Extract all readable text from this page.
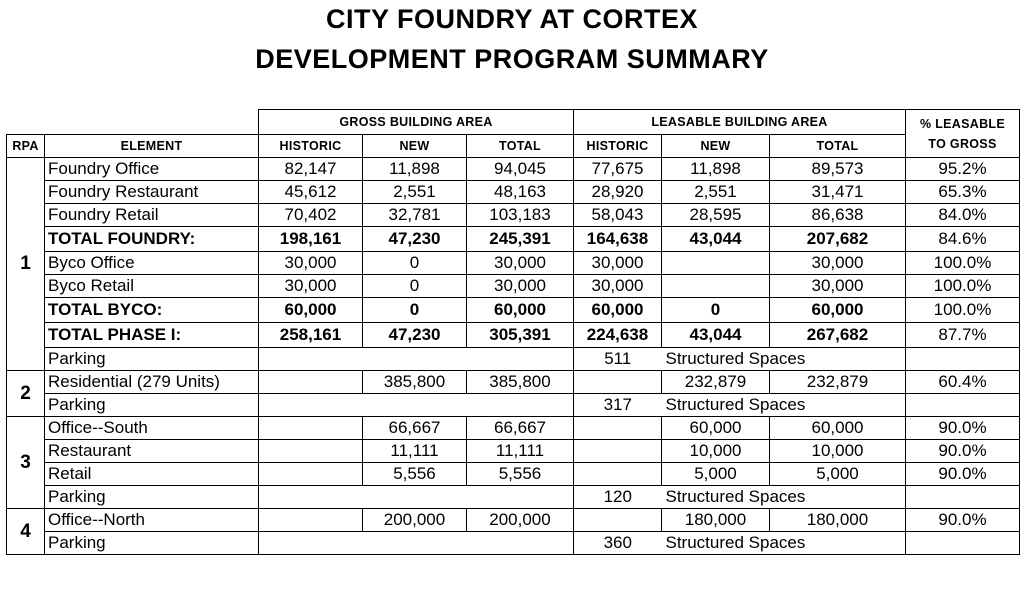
CITY FOUNDRY AT CORTEX
DEVELOPMENT PROGRAM SUMMARY
		GROSS BUILDING AREA			LEASABLE BUILDING AREA			% LEASABLE
TO GROSS
RPA	ELEMENT	HISTORIC	NEW	TOTAL	HISTORIC	NEW	TOTAL	
1	Foundry Office	82,147	11,898	94,045	77,675	11,898	89,573	95.2%
	Foundry Restaurant	45,612	2,551	48,163	28,920	2,551	31,471	65.3%
	Foundry Retail	70,402	32,781	103,183	58,043	28,595	86,638	84.0%
	TOTAL FOUNDRY:	198,161	47,230	245,391	164,638	43,044	207,682	84.6%
	Byco Office	30,000	0	30,000	30,000		30,000	100.0%
	Byco Retail	30,000	0	30,000	30,000		30,000	100.0%
	TOTAL BYCO:	60,000	0	60,000	60,000	0	60,000	100.0%
	TOTAL PHASE I:	258,161	47,230	305,391	224,638	43,044	267,682	87.7%
	Parking				511	Structured Spaces		
2	Residential (279 Units)		385,800	385,800		232,879	232,879	60.4%
	Parking				317	Structured Spaces		
3	Office--South		66,667	66,667		60,000	60,000	90.0%
	Restaurant		11,111	11,111		10,000	10,000	90.0%
	Retail		5,556	5,556		5,000	5,000	90.0%
	Parking				120	Structured Spaces		
4	Office--North		200,000	200,000		180,000	180,000	90.0%
	Parking				360	Structured Spaces		
